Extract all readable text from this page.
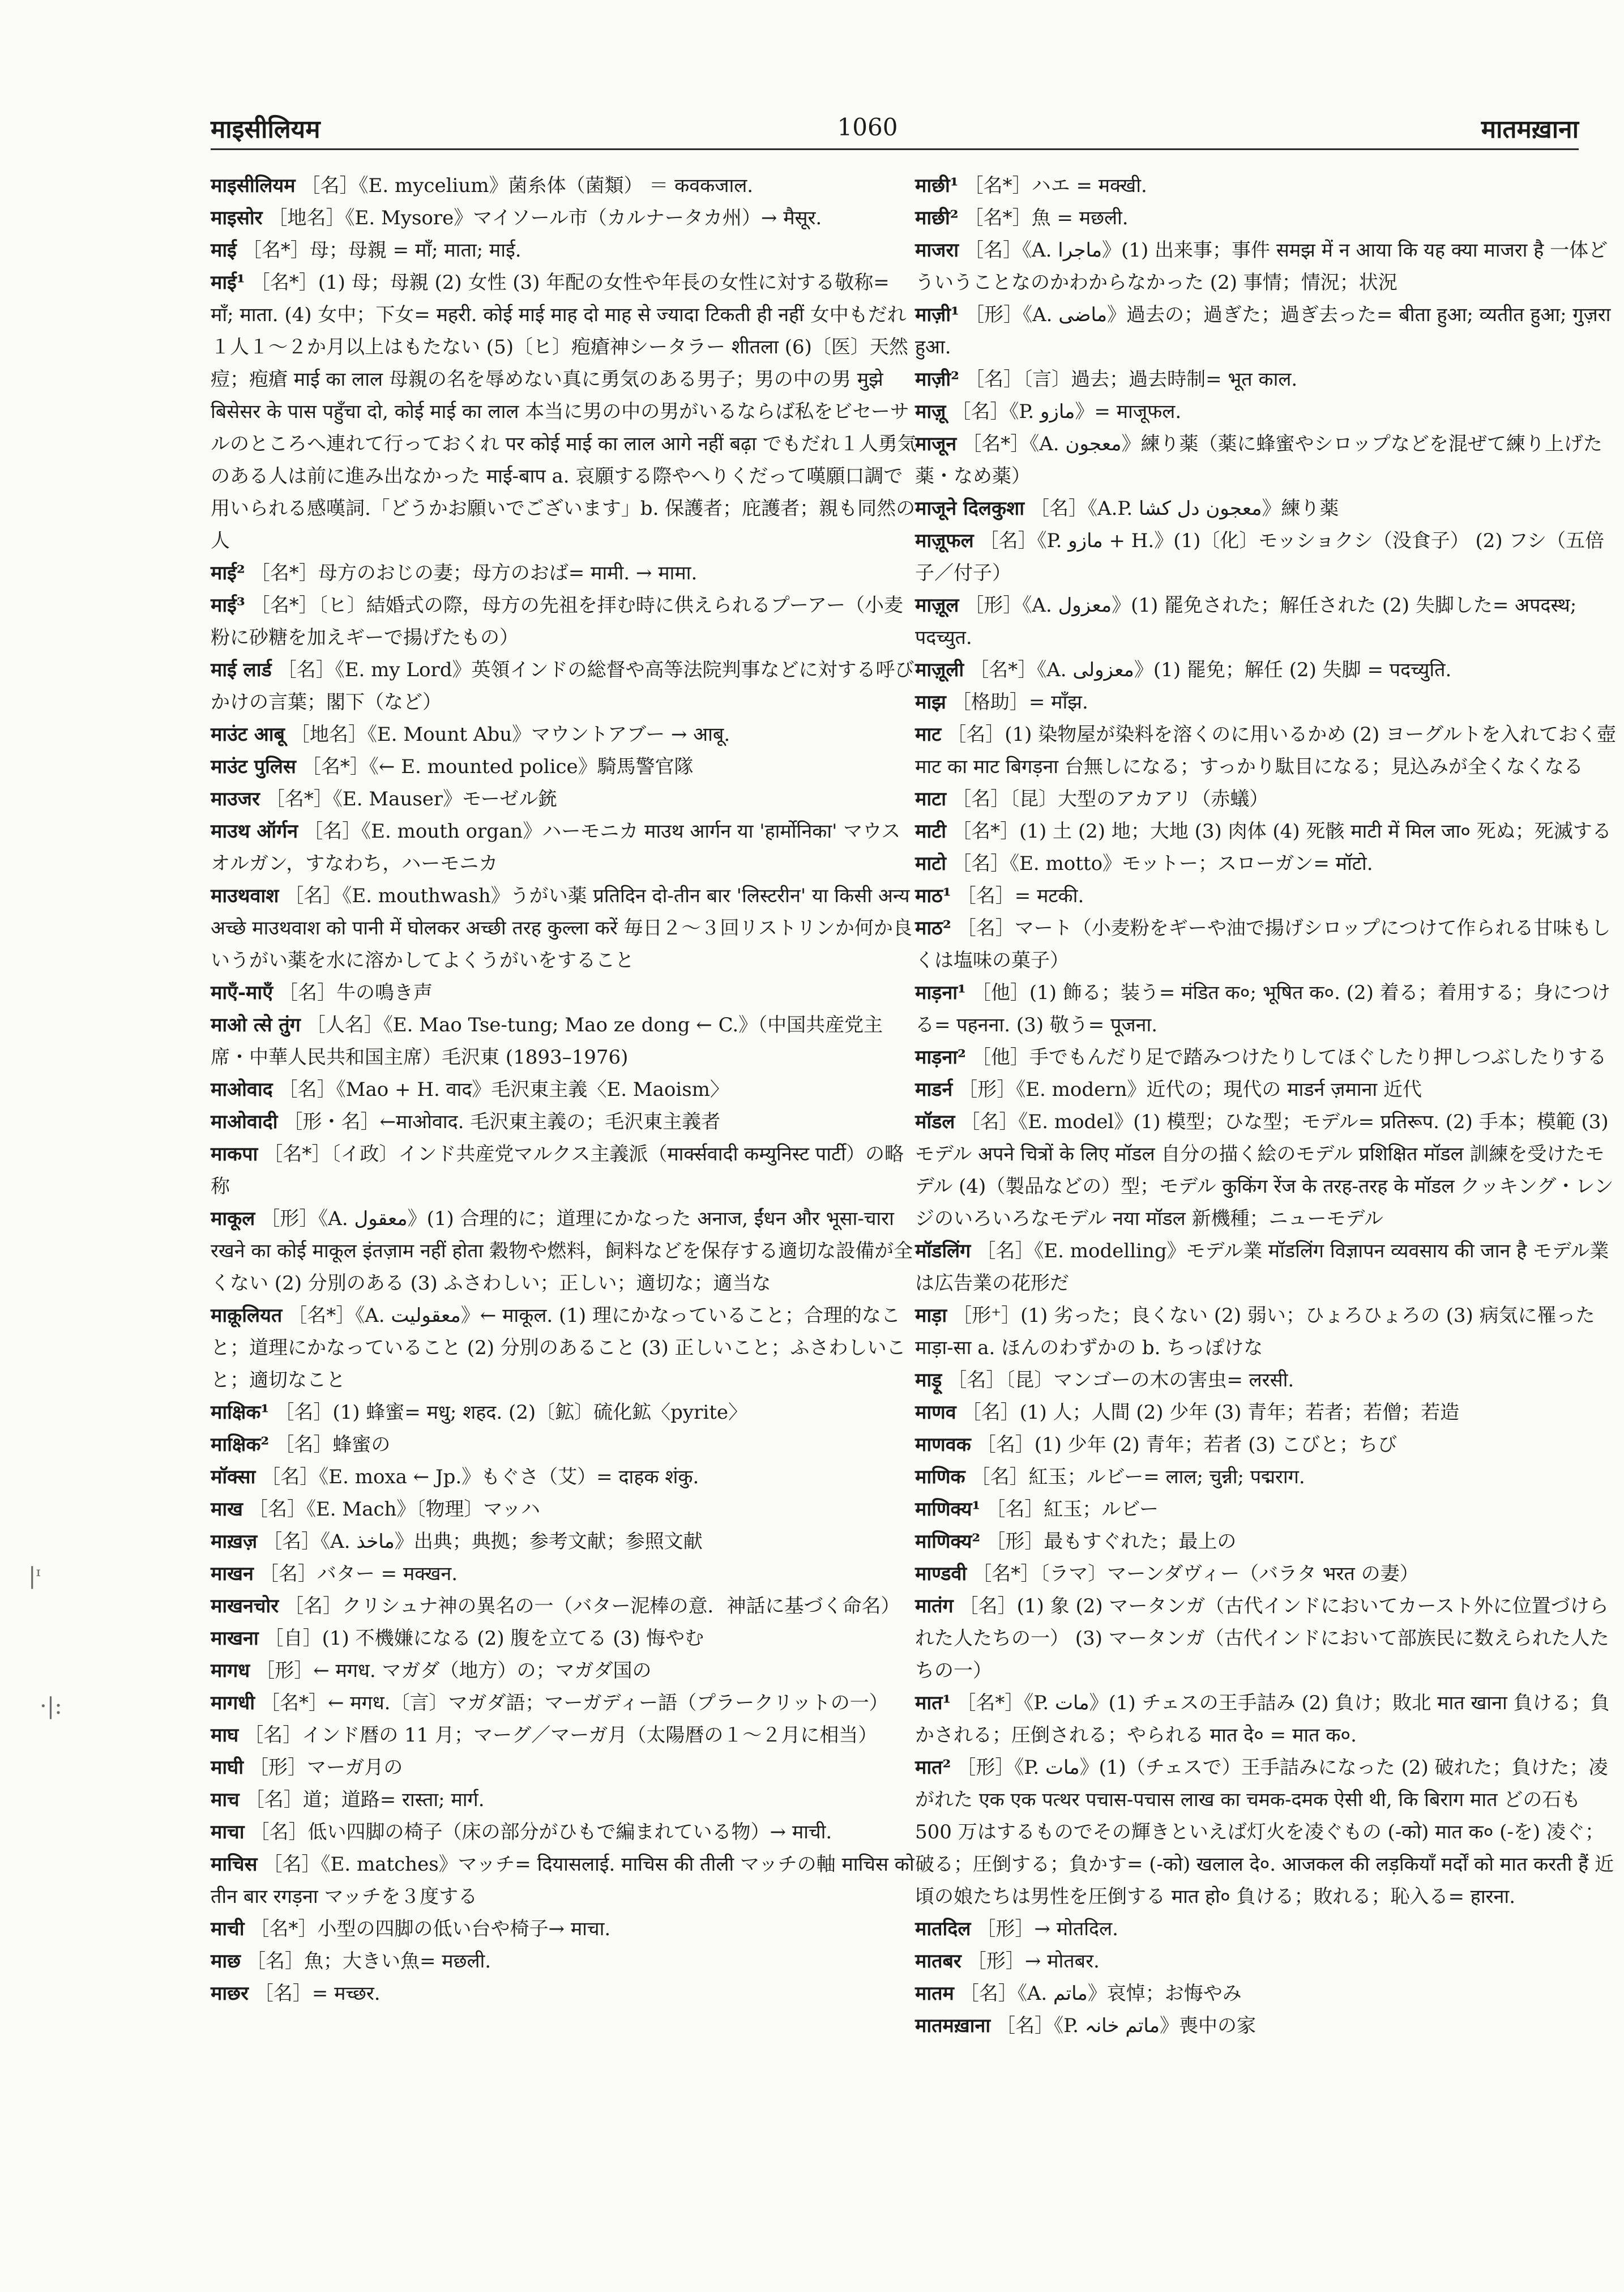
माइसीलियम	1060	मातमख़ाना
|ᶦ
·|:

माइसीलियम ［名］《E. mycelium》菌糸体（菌類） ＝ कवकजाल.

माइसोर ［地名］《E. Mysore》マイソール市（カルナータカ州）→ मैसूर.

माई ［名*］母；母親 = माँ; माता; माई.

माई¹ ［名*］(1) 母；母親 (2) 女性 (3) 年配の女性や年長の女性に対する敬称= माँ; माता. (4) 女中；下女= महरी. कोई माई माह दो माह से ज्यादा टिकती ही नहीं 女中もだれ１人１〜２か月以上はもたない (5)〔ヒ〕疱瘡神シータラー शीतला (6)〔医〕天然痘；疱瘡 माई का लाल 母親の名を辱めない真に勇気のある男子；男の中の男 मुझे बिसेसर के पास पहुँचा दो, कोई माई का लाल 本当に男の中の男がいるならば私をビセーサルのところへ連れて行っておくれ पर कोई माई का लाल आगे नहीं बढ़ा でもだれ１人勇気のある人は前に進み出なかった माई-बाप a. 哀願する際やへりくだって嘆願口調で用いられる感嘆詞.「どうかお願いでございます」b. 保護者；庇護者；親も同然の人

माई² ［名*］母方のおじの妻；母方のおば= मामी. → मामा.

माई³ ［名*］〔ヒ〕結婚式の際，母方の先祖を拝む時に供えられるプーアー（小麦粉に砂糖を加えギーで揚げたもの）

माई लार्ड ［名］《E. my Lord》英領インドの総督や高等法院判事などに対する呼びかけの言葉；閣下（など）

माउंट आबू ［地名］《E. Mount Abu》マウントアブー → आबू.

माउंट पुलिस ［名*］《← E. mounted police》騎馬警官隊

माउजर ［名*］《E. Mauser》モーゼル銃

माउथ ऑर्गन ［名］《E. mouth organ》ハーモニカ माउथ आर्गन या 'हार्मोनिका' マウスオルガン，すなわち，ハーモニカ

माउथवाश ［名］《E. mouthwash》うがい薬 प्रतिदिन दो-तीन बार 'लिस्टरीन' या किसी अन्य अच्छे माउथवाश को पानी में घोलकर अच्छी तरह कुल्ला करें 毎日２〜３回リストリンか何か良いうがい薬を水に溶かしてよくうがいをすること

माएँ-माएँ ［名］牛の鳴き声

माओ त्से तुंग ［人名］《E. Mao Tse-tung; Mao ze dong ← C.》（中国共産党主席・中華人民共和国主席）毛沢東 (1893–1976)

माओवाद ［名］《Mao + H. वाद》毛沢東主義〈E. Maoism〉

माओवादी ［形・名］←माओवाद. 毛沢東主義の；毛沢東主義者

माकपा ［名*］〔イ政〕インド共産党マルクス主義派（मार्क्सवादी कम्युनिस्ट पार्टी）の略称

माकूल ［形］《A. معقول》(1) 合理的に；道理にかなった अनाज, ईंधन और भूसा-चारा रखने का कोई माकूल इंतज़ाम नहीं होता 穀物や燃料，飼料などを保存する適切な設備が全くない (2) 分別のある (3) ふさわしい；正しい；適切な；適当な

माक़ूलियत ［名*］《A. معقولیت》← माकूल. (1) 理にかなっていること；合理的なこと；道理にかなっていること (2) 分別のあること (3) 正しいこと；ふさわしいこと；適切なこと

माक्षिक¹ ［名］(1) 蜂蜜= मधु; शहद. (2)〔鉱〕硫化鉱〈pyrite〉

माक्षिक² ［名］蜂蜜の

मॉक्सा ［名］《E. moxa ← Jp.》もぐさ（艾）= दाहक शंकु.

माख ［名］《E. Mach》〔物理〕マッハ

माख़ज़ ［名］《A. ماخذ》出典；典拠；参考文献；参照文献

माखन ［名］バター = मक्खन.

माखनचोर ［名］クリシュナ神の異名の一（バター泥棒の意．神話に基づく命名）

माखना ［自］(1) 不機嫌になる (2) 腹を立てる (3) 悔やむ

मागध ［形］← मगध. マガダ（地方）の；マガダ国の

मागधी ［名*］← मगध.〔言〕マガダ語；マーガディー語（プラークリットの一）

माघ ［名］インド暦の 11 月；マーグ／マーガ月（太陽暦の１〜２月に相当）

माघी ［形］マーガ月の

माच ［名］道；道路= रास्ता; मार्ग.

माचा ［名］低い四脚の椅子（床の部分がひもで編まれている物）→ माची.

माचिस ［名］《E. matches》マッチ= दियासलाई. माचिस की तीली マッチの軸 माचिस को तीन बार रगड़ना マッチを３度する

माची ［名*］小型の四脚の低い台や椅子→ माचा.

माछ ［名］魚；大きい魚= मछली.

माछर ［名］= मच्छर.

माछी¹ ［名*］ハエ = मक्खी.

माछी² ［名*］魚 = मछली.

माजरा ［名］《A. ماجرا》(1) 出来事；事件 समझ में न आया कि यह क्या माजरा है 一体どういうことなのかわからなかった (2) 事情；情況；状況

माज़ी¹ ［形］《A. ماضی》過去の；過ぎた；過ぎ去った= बीता हुआ; व्यतीत हुआ; गुज़रा हुआ.

माज़ी² ［名］〔言〕過去；過去時制= भूत काल.

माज़ू ［名］《P. مازو》= माजूफल.

माजून ［名*］《A. معجون》練り薬（薬に蜂蜜やシロップなどを混ぜて練り上げた薬・なめ薬）

माजूने दिलकुशा ［名］《A.P. معجون دل کشا》練り薬

माज़ूफल ［名］《P. مازو + H.》(1)〔化〕モッショクシ（没食子） (2) フシ（五倍子／付子）

माज़ूल ［形］《A. معزول》(1) 罷免された；解任された (2) 失脚した= अपदस्थ; पदच्युत.

माज़ूली ［名*］《A. معزولی》(1) 罷免；解任 (2) 失脚 = पदच्युति.

माझ ［格助］= माँझ.

माट ［名］(1) 染物屋が染料を溶くのに用いるかめ (2) ヨーグルトを入れておく壺 माट का माट बिगड़ना 台無しになる；すっかり駄目になる；見込みが全くなくなる

माटा ［名］〔昆〕大型のアカアリ（赤蟻）

माटी ［名*］(1) 土 (2) 地；大地 (3) 肉体 (4) 死骸 माटी में मिल जा० 死ぬ；死滅する

माटो ［名］《E. motto》モットー；スローガン= मॉटो.

माठ¹ ［名］= मटकी.

माठ² ［名］マート（小麦粉をギーや油で揚げシロップにつけて作られる甘味もしくは塩味の菓子）

माड़ना¹ ［他］(1) 飾る；装う= मंडित क०; भूषित क०. (2) 着る；着用する；身につける= पहनना. (3) 敬う= पूजना.

माड़ना² ［他］手でもんだり足で踏みつけたりしてほぐしたり押しつぶしたりする

माडर्न ［形］《E. modern》近代の；現代の माडर्न ज़माना 近代

मॉडल ［名］《E. model》(1) 模型；ひな型；モデル= प्रतिरूप. (2) 手本；模範 (3) モデル अपने चित्रों के लिए मॉडल 自分の描く絵のモデル प्रशिक्षित मॉडल 訓練を受けたモデル (4)（製品などの）型；モデル कुकिंग रेंज के तरह-तरह के मॉडल クッキング・レンジのいろいろなモデル नया मॉडल 新機種；ニューモデル

मॉडलिंग ［名］《E. modelling》モデル業 मॉडलिंग विज्ञापन व्यवसाय की जान है モデル業は広告業の花形だ

माड़ा ［形⁺］(1) 劣った；良くない (2) 弱い；ひょろひょろの (3) 病気に罹った माड़ा-सा a. ほんのわずかの b. ちっぽけな

माड़ू ［名］〔昆〕マンゴーの木の害虫= लरसी.

माणव ［名］(1) 人；人間 (2) 少年 (3) 青年；若者；若僧；若造

माणवक ［名］(1) 少年 (2) 青年；若者 (3) こびと；ちび

माणिक ［名］紅玉；ルビー= लाल; चुन्नी; पद्मराग.

माणिक्य¹ ［名］紅玉；ルビー

माणिक्य² ［形］最もすぐれた；最上の

माण्डवी ［名*］〔ラマ〕マーンダヴィー（バラタ भरत の妻）

मातंग ［名］(1) 象 (2) マータンガ（古代インドにおいてカースト外に位置づけられた人たちの一） (3) マータンガ（古代インドにおいて部族民に数えられた人たちの一）

मात¹ ［名*］《P. مات》(1) チェスの王手詰み (2) 負け；敗北 मात खाना 負ける；負かされる；圧倒される；やられる मात दे० = मात क०.

मात² ［形］《P. مات》(1)（チェスで）王手詰みになった (2) 破れた；負けた；凌がれた एक एक पत्थर पचास-पचास लाख का चमक-दमक ऐसी थी, कि बिराग मात どの石も 500 万はするものでその輝きといえば灯火を凌ぐもの (-को) मात क० (-を) 凌ぐ；破る；圧倒する；負かす= (-को) खलाल दे०. आजकल की लड़कियाँ मर्दों को मात करती हैं 近頃の娘たちは男性を圧倒する मात हो० 負ける；敗れる；恥入る= हारना.

मातदिल ［形］→ मोतदिल.

मातबर ［形］→ मोतबर.

मातम ［名］《A. ماتم》哀悼；お悔やみ

मातमख़ाना ［名］《P. ماتم خانہ》喪中の家
